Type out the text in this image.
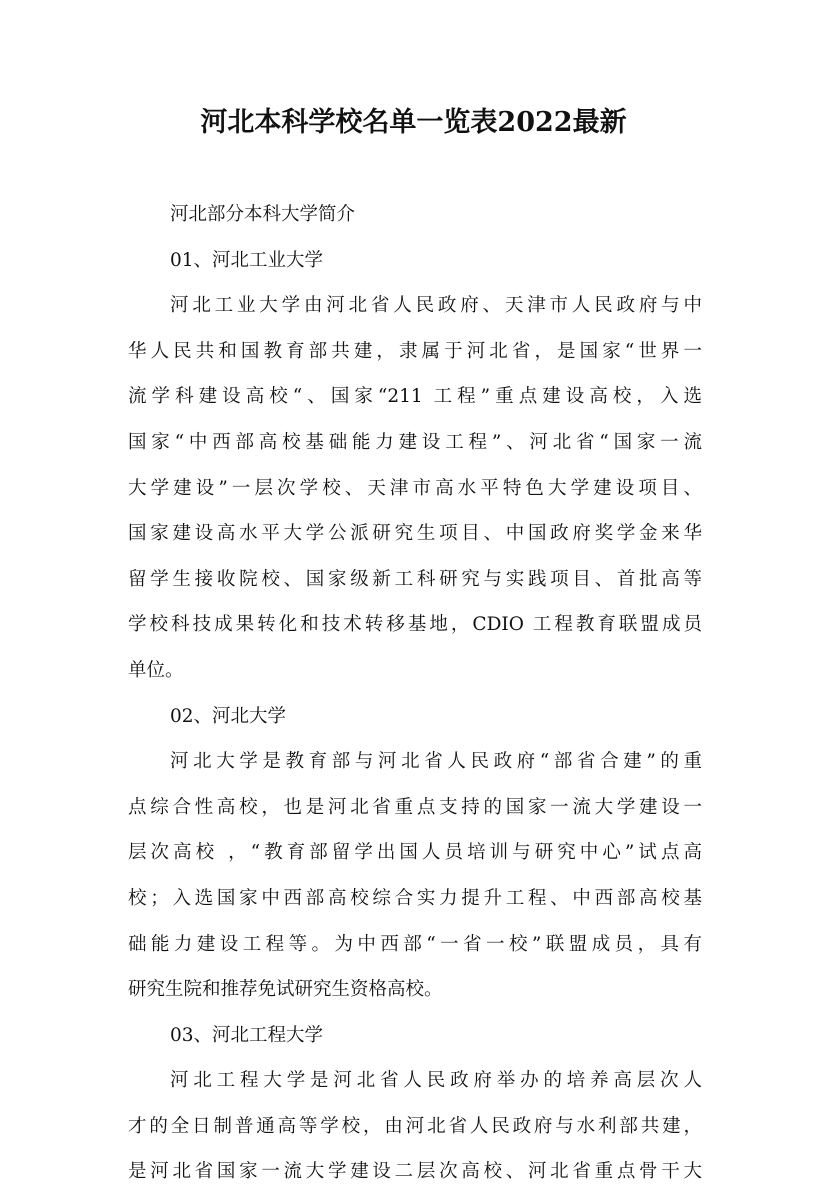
河北本科学校名单一览表2022最新
河北部分本科大学简介
01、河北工业大学
河北工业大学由河北省人民政府、天津市人民政府与中
华人民共和国教育部共建，隶属于河北省，是国家“世界一
流学科建设高校“、国家“211 工程”重点建设高校，入选
国家“中西部高校基础能力建设工程”、河北省“国家一流
大学建设”一层次学校、天津市高水平特色大学建设项目、
国家建设高水平大学公派研究生项目、中国政府奖学金来华
留学生接收院校、国家级新工科研究与实践项目、首批高等
学校科技成果转化和技术转移基地，CDIO 工程教育联盟成员
单位。
02、河北大学
河北大学是教育部与河北省人民政府“部省合建”的重
点综合性高校，也是河北省重点支持的国家一流大学建设一
层次高校 ，“教育部留学出国人员培训与研究中心”试点高
校；入选国家中西部高校综合实力提升工程、中西部高校基
础能力建设工程等。为中西部“一省一校”联盟成员，具有
研究生院和推荐免试研究生资格高校。
03、河北工程大学
河北工程大学是河北省人民政府举办的培养高层次人
才的全日制普通高等学校，由河北省人民政府与水利部共建，
是河北省国家一流大学建设二层次高校、河北省重点骨干大
